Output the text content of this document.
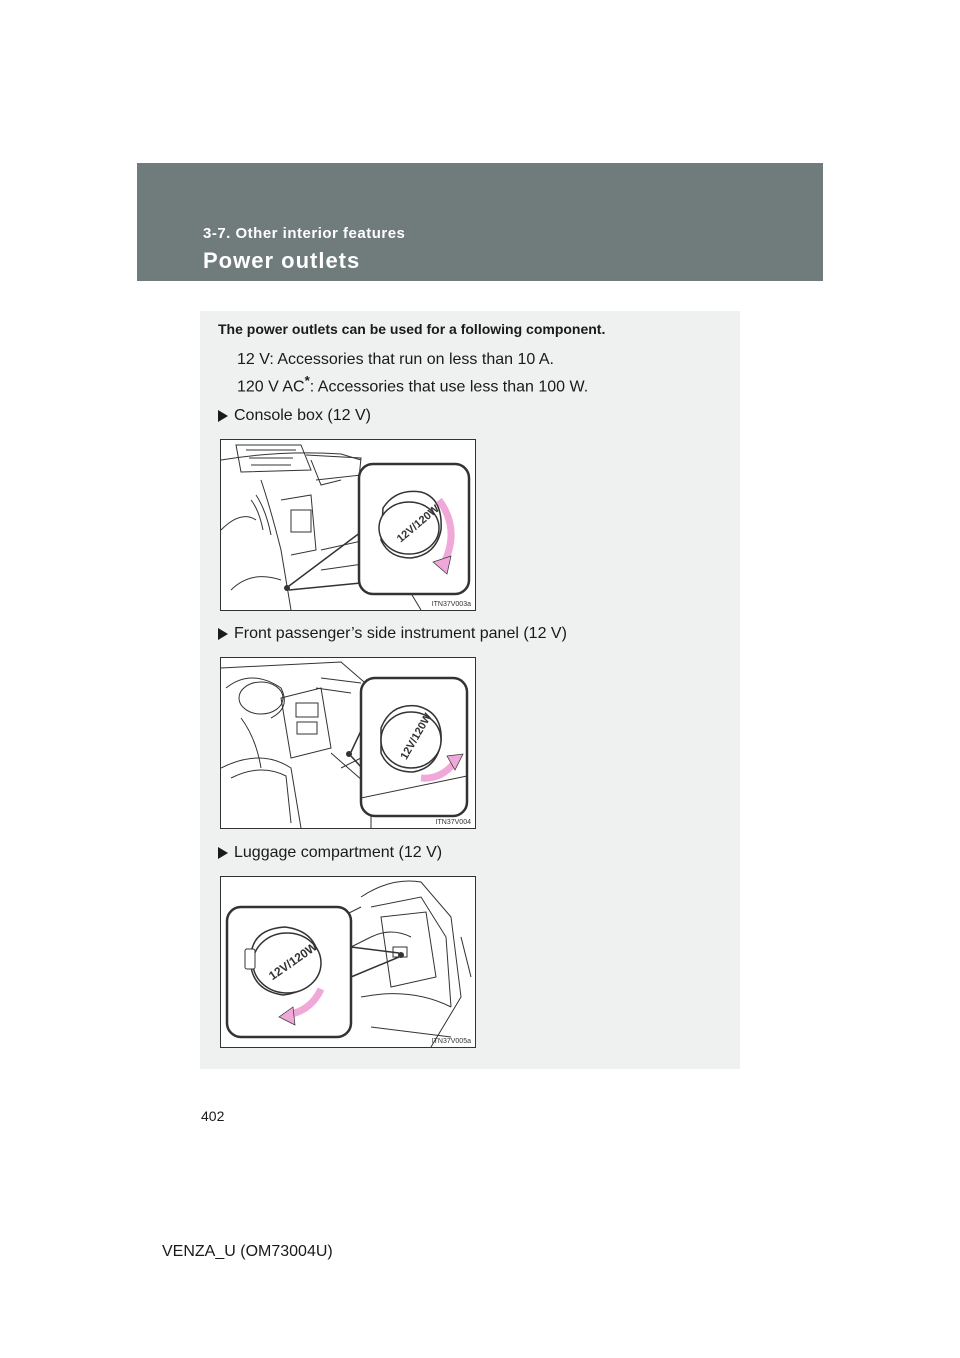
3-7. Other interior features
Power outlets
The power outlets can be used for a following component.
12 V: Accessories that run on less than 10 A.
120 V AC*: Accessories that use less than 100 W.
Console box (12 V)
12V/120W
ITN37V003a
Front passenger’s side instrument panel (12 V)
12V/120W
ITN37V004
Luggage compartment (12 V)
12V/120W
ITN37V005a
402
VENZA_U (OM73004U)
